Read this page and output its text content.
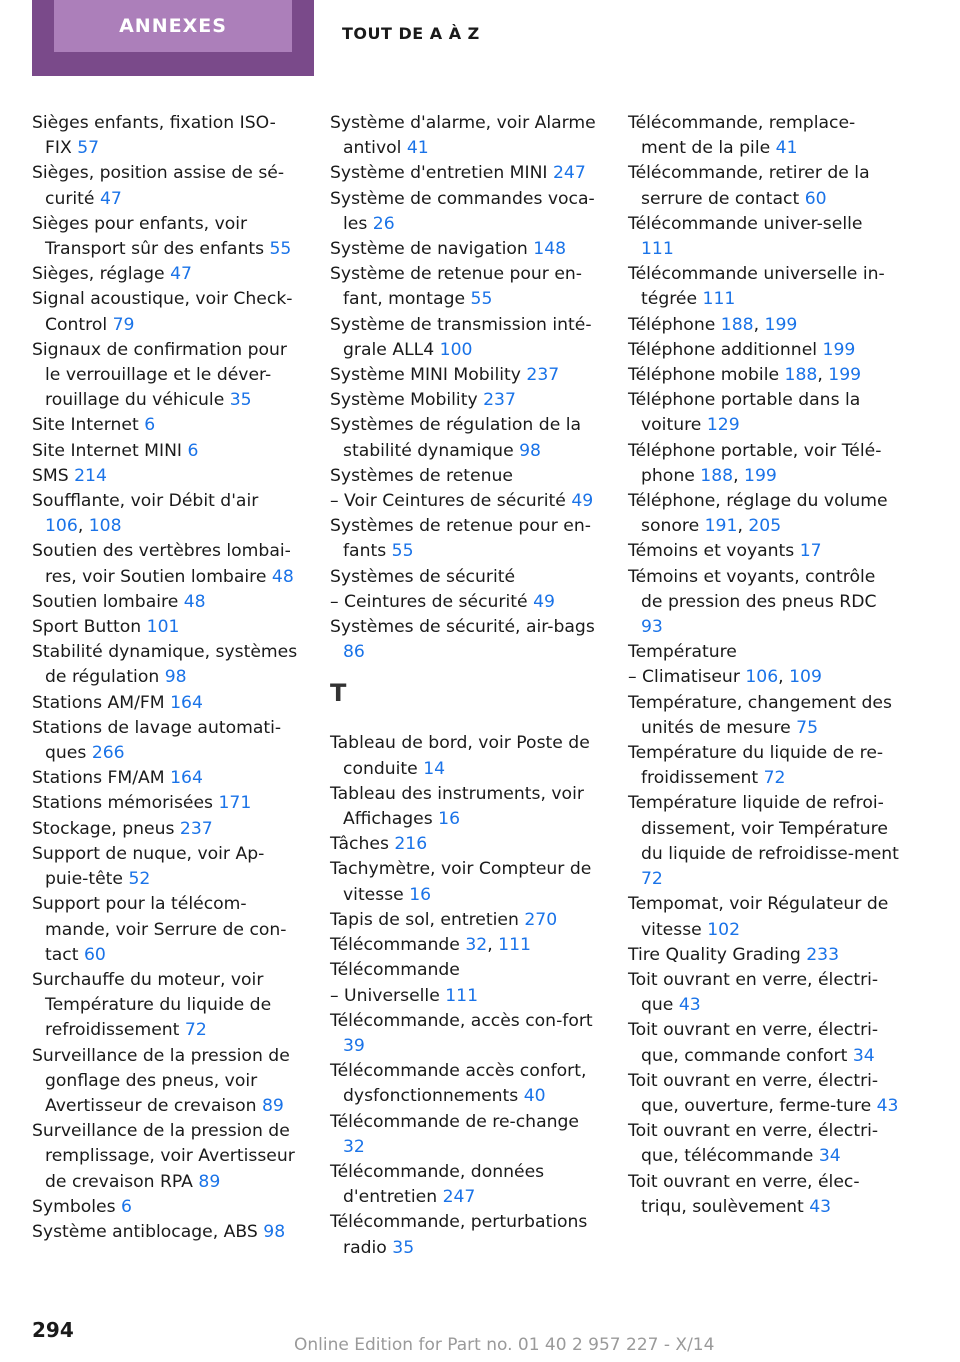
ANNEXES	TOUT DE A À Z

Sièges enfants, fixation ISO-FIX 57

Sièges, position assise de sé-curité 47

Sièges pour enfants, voir Transport sûr des enfants 55

Sièges, réglage 47

Signal acoustique, voir Check-Control 79

Signaux de confirmation pour le verrouillage et le déver-rouillage du véhicule 35

Site Internet 6

Site Internet MINI 6

SMS 214

Soufflante, voir Débit d'air 106, 108

Soutien des vertèbres lombai-res, voir Soutien lombaire 48

Soutien lombaire 48

Sport Button 101

Stabilité dynamique, systèmes de régulation 98

Stations AM/FM 164

Stations de lavage automati-ques 266

Stations FM/AM 164

Stations mémorisées 171

Stockage, pneus 237

Support de nuque, voir Ap-puie-tête 52

Support pour la télécom-mande, voir Serrure de con-tact 60

Surchauffe du moteur, voir Température du liquide de refroidissement 72

Surveillance de la pression de gonflage des pneus, voir Avertisseur de crevaison 89

Surveillance de la pression de remplissage, voir Avertisseur de crevaison RPA 89

Symboles 6

Système antiblocage, ABS 98

Système d'alarme, voir Alarme antivol 41

Système d'entretien MINI 247

Système de commandes voca-les 26

Système de navigation 148

Système de retenue pour en-fant, montage 55

Système de transmission inté-grale ALL4 100

Système MINI Mobility 237

Système Mobility 237

Systèmes de régulation de la stabilité dynamique 98

Systèmes de retenue

– Voir Ceintures de sécurité 49

Systèmes de retenue pour en-fants 55

Systèmes de sécurité

– Ceintures de sécurité 49

Systèmes de sécurité, air-bags 86

T

Tableau de bord, voir Poste de conduite 14

Tableau des instruments, voir Affichages 16

Tâches 216

Tachymètre, voir Compteur de vitesse 16

Tapis de sol, entretien 270

Télécommande 32, 111

Télécommande

– Universelle 111

Télécommande, accès con-fort 39

Télécommande accès confort, dysfonctionnements 40

Télécommande de re-change 32

Télécommande, données d'entretien 247

Télécommande, perturbations radio 35

Télécommande, remplace-ment de la pile 41

Télécommande, retirer de la serrure de contact 60

Télécommande univer-selle 111

Télécommande universelle in-tégrée 111

Téléphone 188, 199

Téléphone additionnel 199

Téléphone mobile 188, 199

Téléphone portable dans la voiture 129

Téléphone portable, voir Télé-phone 188, 199

Téléphone, réglage du volume sonore 191, 205

Témoins et voyants 17

Témoins et voyants, contrôle de pression des pneus RDC 93

Température

– Climatiseur 106, 109

Température, changement des unités de mesure 75

Température du liquide de re-froidissement 72

Température liquide de refroi-dissement, voir Température du liquide de refroidisse-ment 72

Tempomat, voir Régulateur de vitesse 102

Tire Quality Grading 233

Toit ouvrant en verre, électri-que 43

Toit ouvrant en verre, électri-que, commande confort 34

Toit ouvrant en verre, électri-que, ouverture, ferme-ture 43

Toit ouvrant en verre, électri-que, télécommande 34

Toit ouvrant en verre, élec-triqu, soulèvement 43

294
Online Edition for Part no. 01 40 2 957 227 - X/14
